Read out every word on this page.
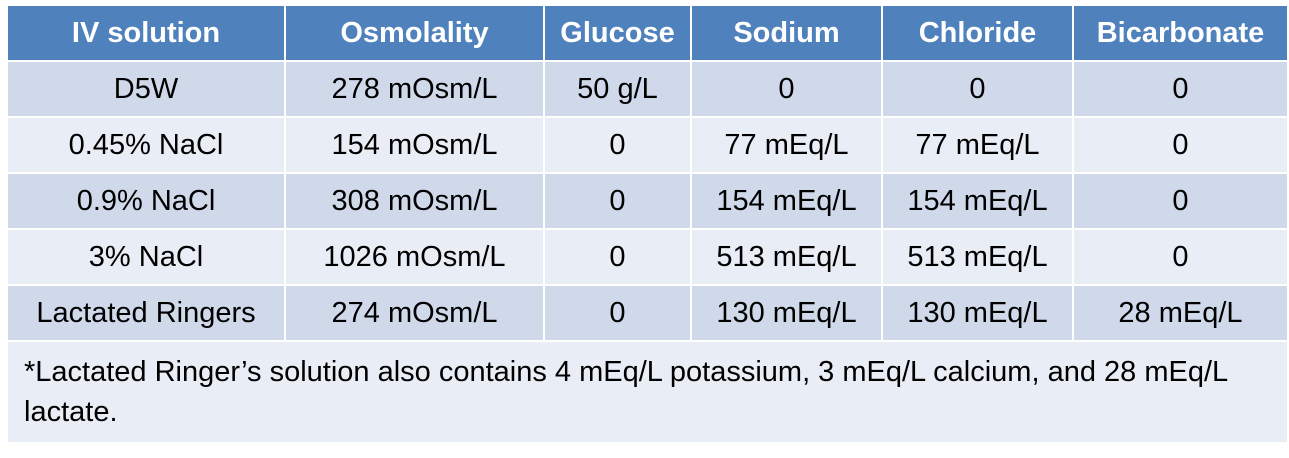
IV solution	Osmolality	Glucose	Sodium	Chloride	Bicarbonate
D5W	278 mOsm/L	50 g/L	0	0	0
0.45% NaCl	154 mOsm/L	0	77 mEq/L	77 mEq/L	0
0.9% NaCl	308 mOsm/L	0	154 mEq/L	154 mEq/L	0
3% NaCl	1026 mOsm/L	0	513 mEq/L	513 mEq/L	0
Lactated Ringers	274 mOsm/L	0	130 mEq/L	130 mEq/L	28 mEq/L
*Lactated Ringer’s solution also contains 4 mEq/L potassium, 3 mEq/L calcium, and 28 mEq/L lactate.					
